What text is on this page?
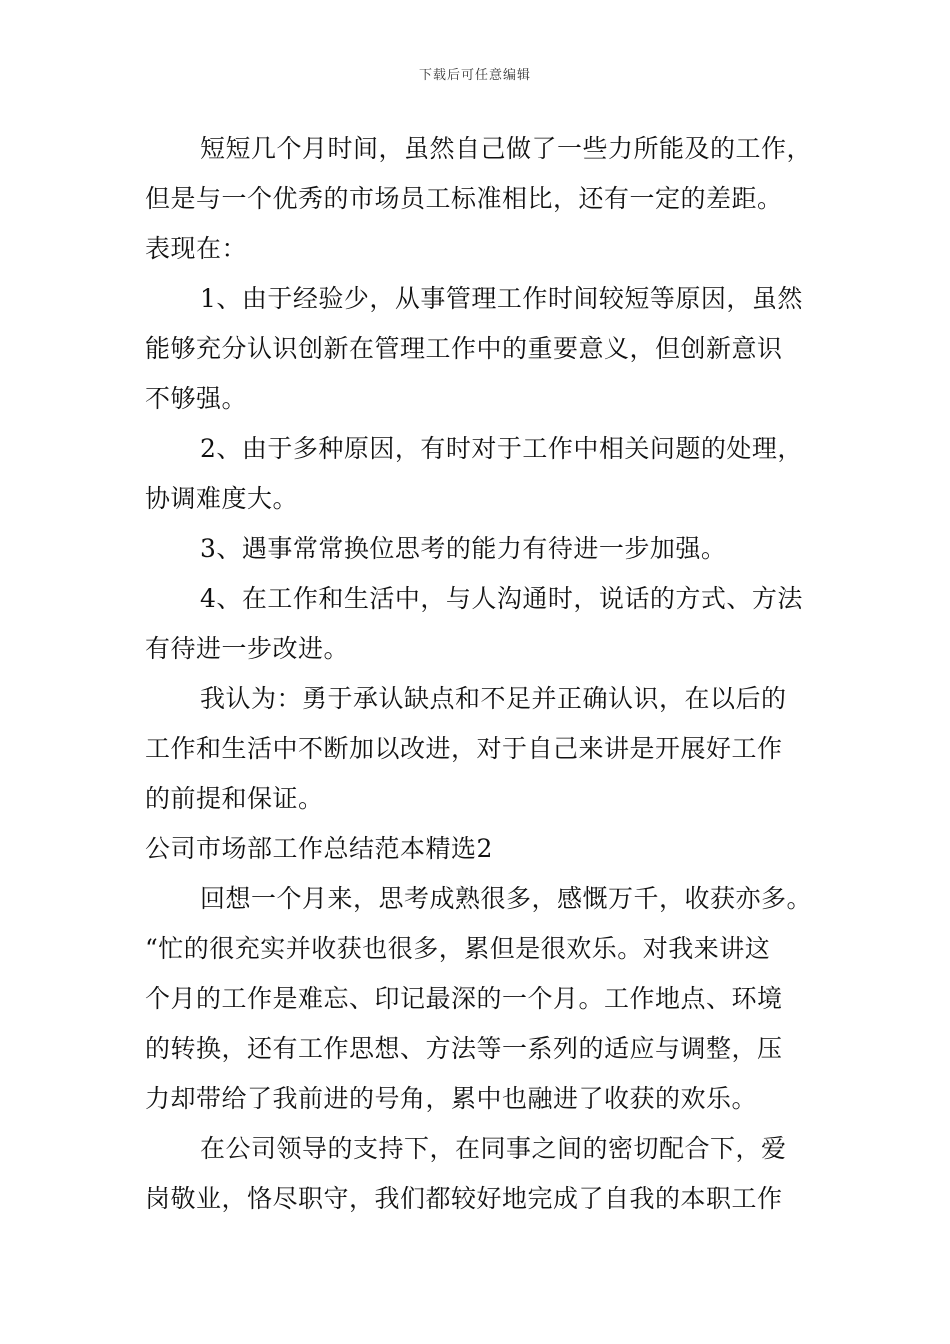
下载后可任意编辑
短短几个月时间，虽然自己做了一些力所能及的工作，
但是与一个优秀的市场员工标准相比，还有一定的差距。
表现在：
1、由于经验少，从事管理工作时间较短等原因，虽然
能够充分认识创新在管理工作中的重要意义，但创新意识
不够强。
2、由于多种原因，有时对于工作中相关问题的处理，
协调难度大。
3、遇事常常换位思考的能力有待进一步加强。
4、在工作和生活中，与人沟通时，说话的方式、方法
有待进一步改进。
我认为：勇于承认缺点和不足并正确认识，在以后的
工作和生活中不断加以改进，对于自己来讲是开展好工作
的前提和保证。
公司市场部工作总结范本精选2
回想一个月来，思考成熟很多，感慨万千，收获亦多。
“忙的很充实并收获也很多，累但是很欢乐。对我来讲这
个月的工作是难忘、印记最深的一个月。工作地点、环境
的转换，还有工作思想、方法等一系列的适应与调整，压
力却带给了我前进的号角，累中也融进了收获的欢乐。
在公司领导的支持下，在同事之间的密切配合下，爱
岗敬业，恪尽职守，我们都较好地完成了自我的本职工作
